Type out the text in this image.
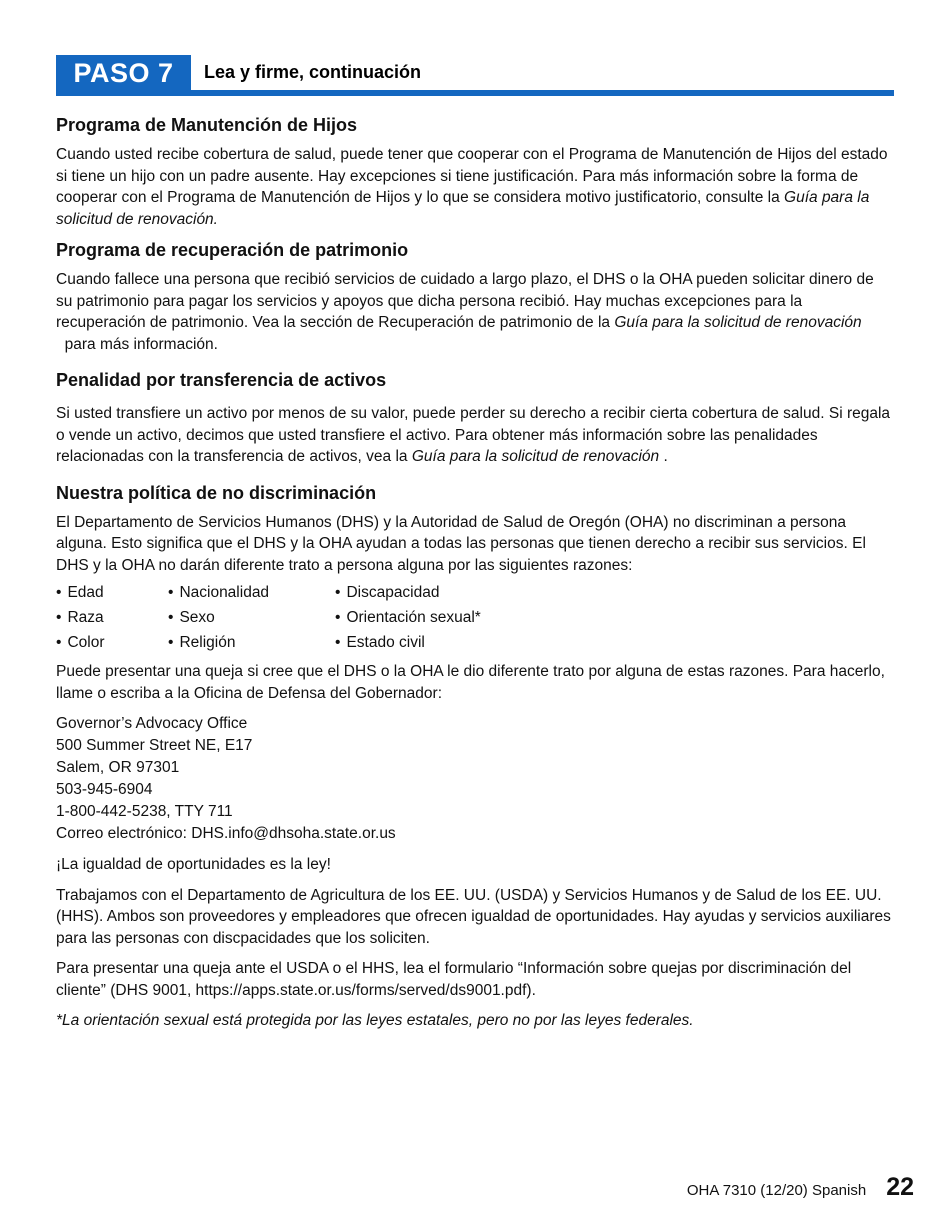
PASO 7	Lea y firme, continuación
Programa de Manutención de Hijos

Cuando usted recibe cobertura de salud, puede tener que cooperar con el Programa de Manutención de Hijos del estado si tiene un hijo con un padre ausente. Hay excepciones si tiene justificación. Para más información sobre la forma de cooperar con el Programa de Manutención de Hijos y lo que se considera motivo justificatorio, consulte la Guía para la solicitud de renovación.

Programa de recuperación de patrimonio

Cuando fallece una persona que recibió servicios de cuidado a largo plazo, el DHS o la OHA pueden solicitar dinero de su patrimonio para pagar los servicios y apoyos que dicha persona recibió. Hay muchas excepciones para la recuperación de patrimonio. Vea la sección de Recuperación de patrimonio de la Guía para la solicitud de renovación  para más información.

Penalidad por transferencia de activos

Si usted transfiere un activo por menos de su valor, puede perder su derecho a recibir cierta cobertura de salud. Si regala o vende un activo, decimos que usted transfiere el activo. Para obtener más información sobre las penalidades relacionadas con la transferencia de activos, vea la Guía para la solicitud de renovación .

Nuestra política de no discriminación

El Departamento de Servicios Humanos (DHS) y la Autoridad de Salud de Oregón (OHA) no discriminan a persona alguna. Esto significa que el DHS y la OHA ayudan a todas las personas que tienen derecho a recibir sus servicios. El DHS y la OHA no darán diferente trato a persona alguna por las siguientes razones:

• Edad
• Raza
• Color
• Nacionalidad
• Sexo
• Religión
• Discapacidad
• Orientación sexual*
• Estado civil

Puede presentar una queja si cree que el DHS o la OHA le dio diferente trato por alguna de estas razones. Para hacerlo, llame o escriba a la Oficina de Defensa del Gobernador:

Governor’s Advocacy Office
500 Summer Street NE, E17
Salem, OR 97301
503-945-6904
1-800-442-5238, TTY 711
Correo electrónico: DHS.info@dhsoha.state.or.us

¡La igualdad de oportunidades es la ley!

Trabajamos con el Departamento de Agricultura de los EE. UU. (USDA) y Servicios Humanos y de Salud de los EE. UU. (HHS). Ambos son proveedores y empleadores que ofrecen igualdad de oportunidades. Hay ayudas y servicios auxiliares para las personas con discpacidades que los soliciten.

Para presentar una queja ante el USDA o el HHS, lea el formulario “Información sobre quejas por discriminación del cliente” (DHS 9001, https://apps.state.or.us/forms/served/ds9001.pdf).

*La orientación sexual está protegida por las leyes estatales, pero no por las leyes federales.

OHA 7310 (12/20) Spanish 22
